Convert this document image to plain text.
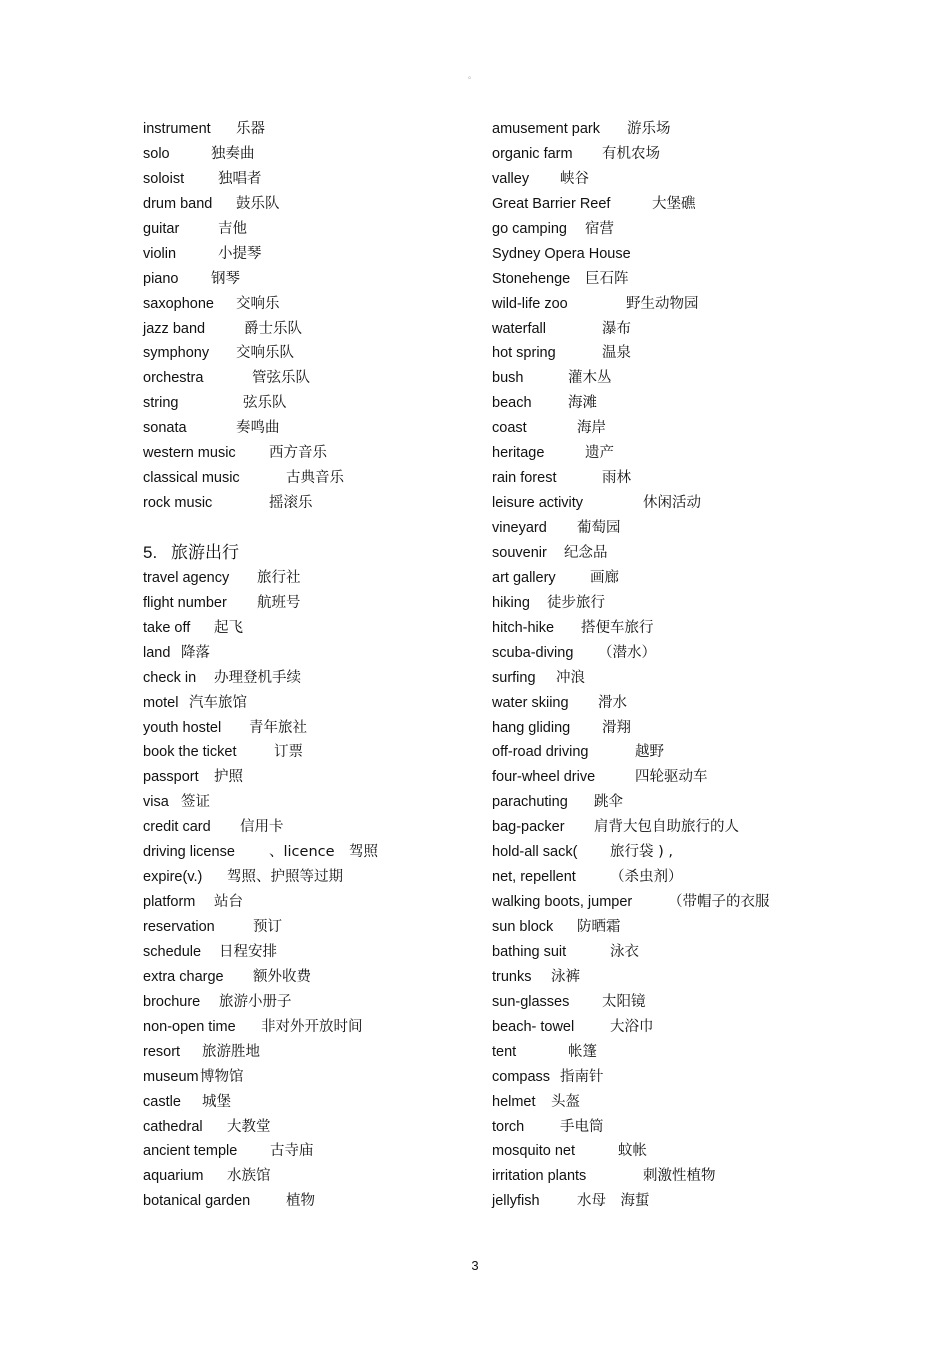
。
instrument 乐器
solo	独奏曲
soloist 独唱者
drum band 鼓乐队
guitar	吉他
violin	小提琴
piano 钢琴
saxophone 交响乐
jazz band	爵士乐队
symphony 交响乐队
orchestra	管弦乐队
string	弦乐队
sonata	奏鸣曲
western music 西方音乐
classical music	古典音乐
rock music	摇滚乐
5. 旅游出行
travel agency 旅行社
flight number 航班号
take off 起飞
land 降落
check in 办理登机手续
motel 汽车旅馆
youth hostel 青年旅社
book the ticket	订票
passport 护照
visa 签证
credit card 信用卡
driving license 、licence　驾照
expire(v.) 驾照、护照等过期
platform 站台
reservation	预订
schedule 日程安排
extra charge 额外收费
brochure 旅游小册子
non-open time 非对外开放时间
resort 旅游胜地
museum 博物馆
castle 城堡
cathedral 大教堂
ancient temple 古寺庙
aquarium 水族馆
botanical garden 植物
amusement park 游乐场
organic farm 有机农场
valley 峡谷
Great Barrier Reef	大堡礁
go camping 宿营
Sydney Opera House
Stonehenge 巨石阵
wild-life zoo	野生动物园
waterfall	瀑布
hot spring	温泉
bush	灌木丛
beach	海滩
coast	海岸
heritage	遗产
rain forest	雨林
leisure activity	休闲活动
vineyard 葡萄园
souvenir 纪念品
art gallery 画廊
hiking 徒步旅行
hitch-hike 搭便车旅行
scuba-diving （潜水）
surfing 冲浪
water skiing 滑水
hang gliding 滑翔
off-road driving	越野
four-wheel drive	四轮驱动车
parachuting 跳伞
bag-packer 肩背大包自助旅行的人
hold-all sack( 旅行袋 ) ,
net, repellent （杀虫剂）
walking boots, jumper （带帽子的衣服
sun block 防晒霜
bathing suit	泳衣
trunks 泳裤
sun-glasses 太阳镜
beach- towel 大浴巾
tent	帐篷
compass 指南针
helmet 头盔
torch 手电筒
mosquito net	蚊帐
irritation plants	刺激性植物
jellyfish	水母　海蜇
3
